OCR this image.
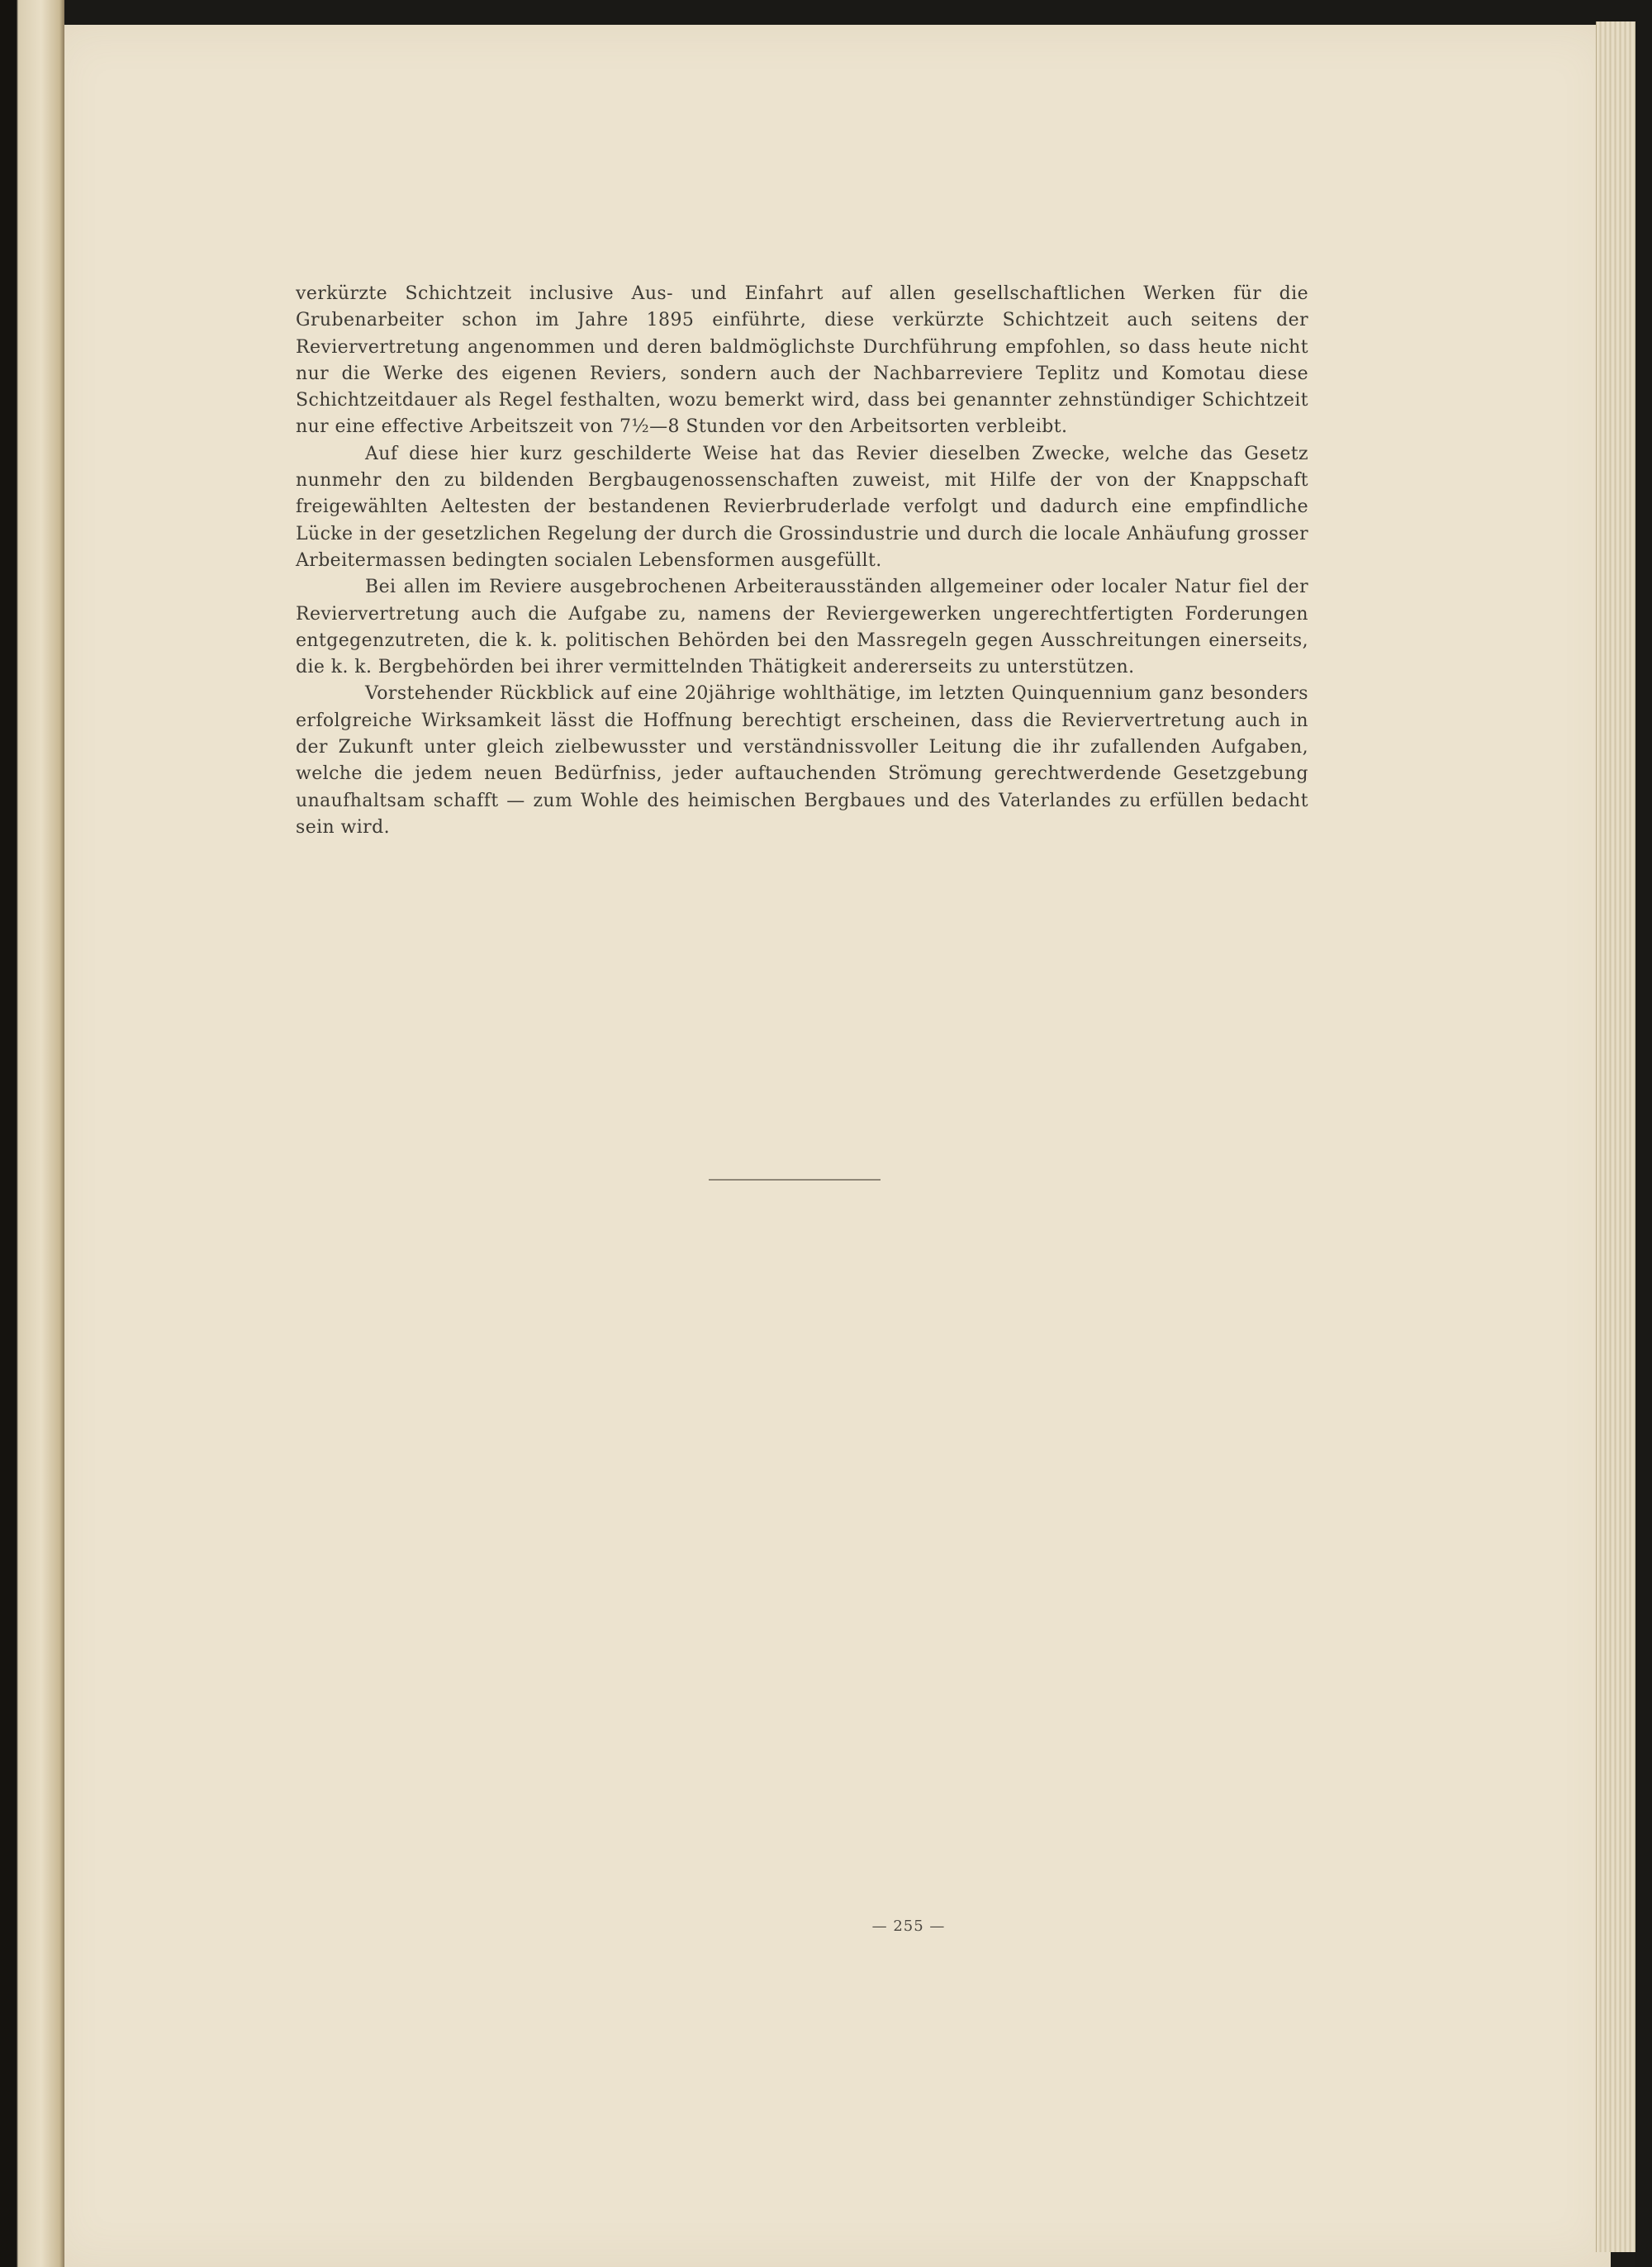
verkürzte Schichtzeit inclusive Aus- und Einfahrt auf allen gesellschaftlichen Werken für die Grubenarbeiter schon im Jahre 1895 einführte, diese verkürzte Schichtzeit auch seitens der Reviervertretung angenommen und deren baldmöglichste Durchführung empfohlen, so dass heute nicht nur die Werke des eigenen Reviers, sondern auch der Nachbarreviere Teplitz und Komotau diese Schichtzeitdauer als Regel festhalten, wozu bemerkt wird, dass bei genannter zehnstündiger Schichtzeit nur eine effective Arbeitszeit von 7½—8 Stunden vor den Arbeitsorten verbleibt.

Auf diese hier kurz geschilderte Weise hat das Revier dieselben Zwecke, welche das Gesetz nunmehr den zu bildenden Bergbaugenossenschaften zuweist, mit Hilfe der von der Knappschaft freigewählten Aeltesten der bestandenen Revierbruderlade verfolgt und dadurch eine empfindliche Lücke in der gesetzlichen Regelung der durch die Grossindustrie und durch die locale Anhäufung grosser Arbeitermassen bedingten socialen Lebensformen ausgefüllt.

Bei allen im Reviere ausgebrochenen Arbeiterausständen allgemeiner oder localer Natur fiel der Reviervertretung auch die Aufgabe zu, namens der Reviergewerken ungerechtfertigten Forderungen entgegenzutreten, die k. k. politischen Behörden bei den Massregeln gegen Ausschreitungen einerseits, die k. k. Bergbehörden bei ihrer vermittelnden Thätigkeit andererseits zu unterstützen.

Vorstehender Rückblick auf eine 20jährige wohlthätige, im letzten Quinquennium ganz besonders erfolgreiche Wirksamkeit lässt die Hoffnung berechtigt erscheinen, dass die Reviervertretung auch in der Zukunft unter gleich zielbewusster und verständnissvoller Leitung die ihr zufallenden Aufgaben, welche die jedem neuen Bedürfniss, jeder auftauchenden Strömung gerechtwerdende Gesetzgebung unaufhaltsam schafft — zum Wohle des heimischen Bergbaues und des Vaterlandes zu erfüllen bedacht sein wird.

— 255 —
